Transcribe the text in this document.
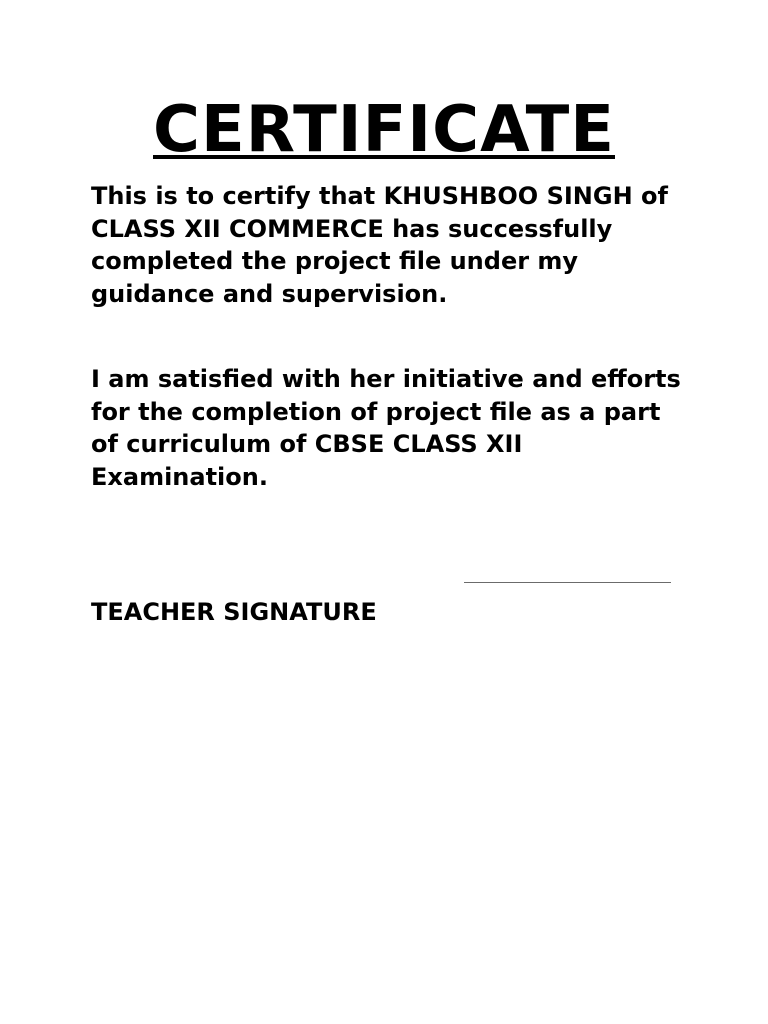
CERTIFICATE

This is to certify that KHUSHBOO SINGH of CLASS XII COMMERCE has successfully completed the project file under my guidance and supervision.

I am satisfied with her initiative and efforts for the completion of project file as a part of curriculum of CBSE CLASS XII Examination.

TEACHER SIGNATURE
